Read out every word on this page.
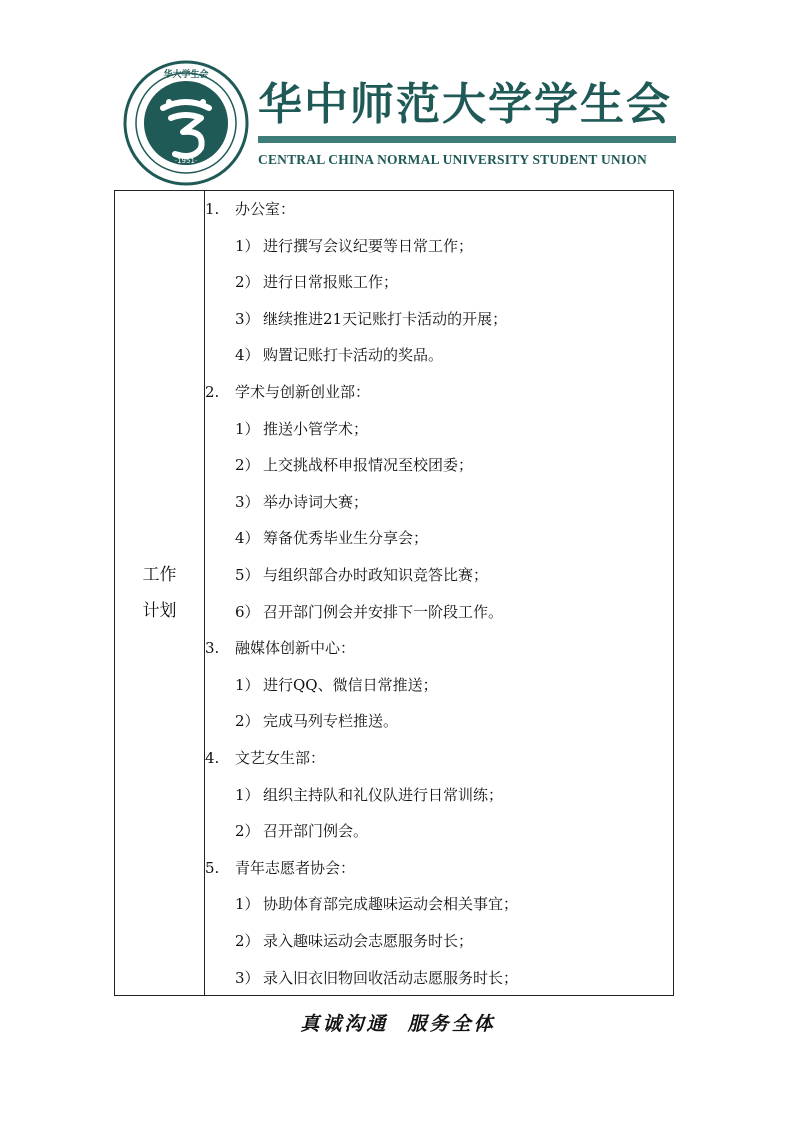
华大学生会
·1951·
华中师范大学学生会
CENTRAL CHINA NORMAL UNIVERSITY STUDENT UNION
工作
计划
1. 办公室：
1） 进行撰写会议纪要等日常工作；
2） 进行日常报账工作；
3） 继续推进21天记账打卡活动的开展；
4） 购置记账打卡活动的奖品。
2. 学术与创新创业部：
1） 推送小管学术；
2） 上交挑战杯申报情况至校团委；
3） 举办诗词大赛；
4） 筹备优秀毕业生分享会；
5） 与组织部合办时政知识竞答比赛；
6） 召开部门例会并安排下一阶段工作。
3. 融媒体创新中心：
1） 进行QQ、微信日常推送；
2） 完成马列专栏推送。
4. 文艺女生部：
1） 组织主持队和礼仪队进行日常训练；
2） 召开部门例会。
5. 青年志愿者协会：
1） 协助体育部完成趣味运动会相关事宜；
2） 录入趣味运动会志愿服务时长；
3） 录入旧衣旧物回收活动志愿服务时长；
真诚沟通  服务全体
